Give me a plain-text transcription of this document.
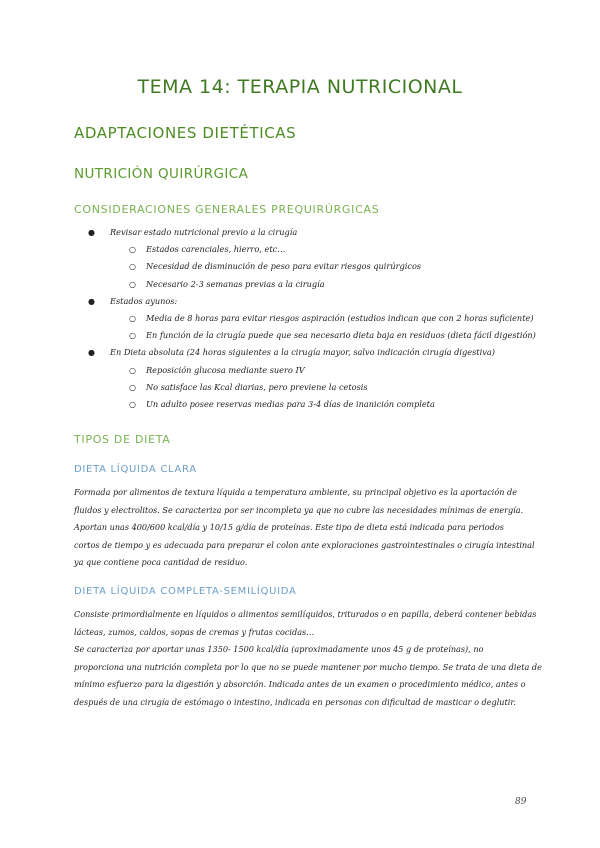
TEMA 14: TERAPIA NUTRICIONAL
ADAPTACIONES DIETÉTICAS
NUTRICIÓN QUIRÚRGICA
CONSIDERACIONES GENERALES PREQUIRÚRGICAS
● Revisar estado nutricional previo a la cirugía
○ Estados carenciales, hierro, etc…
○ Necesidad de disminución de peso para evitar riesgos quirúrgicos
○ Necesario 2-3 semanas previas a la cirugía
● Estados ayunos:
○ Media de 8 horas para evitar riesgos aspiración (estudios indican que con 2 horas suficiente)
○ En función de la cirugía puede que sea necesario dieta baja en residuos (dieta fácil digestión)
● En Dieta absoluta (24 horas siguientes a la cirugía mayor, salvo indicación cirugía digestiva)
○ Reposición glucosa mediante suero IV
○ No satisface las Kcal diarias, pero previene la cetosis
○ Un adulto posee reservas medias para 3-4 días de inanición completa
TIPOS DE DIETA
DIETA LÍQUIDA CLARA
Formada por alimentos de textura líquida a temperatura ambiente, su principal objetivo es la aportación de
fluidos y electrolitos. Se caracteriza por ser incompleta ya que no cubre las necesidades mínimas de energía.
Aportan unas 400/600 kcal/día y 10/15 g/día de proteínas. Este tipo de dieta está indicada para periodos
cortos de tiempo y es adecuada para preparar el colon ante exploraciones gastrointestinales o cirugía intestinal
ya que contiene poca cantidad de residuo.
DIETA LÍQUIDA COMPLETA-SEMILÍQUIDA
Consiste primordialmente en líquidos o alimentos semilíquidos, triturados o en papilla, deberá contener bebidas
lácteas, zumos, caldos, sopas de cremas y frutas cocidas…
Se caracteriza por aportar unas 1350- 1500 kcal/día (aproximadamente unos 45 g de proteínas), no
proporciona una nutrición completa por lo que no se puede mantener por mucho tiempo. Se trata de una dieta de
mínimo esfuerzo para la digestión y absorción. Indicada antes de un examen o procedimiento médico, antes o
después de una cirugía de estómago o intestino, indicada en personas con dificultad de masticar o deglutir.
89
